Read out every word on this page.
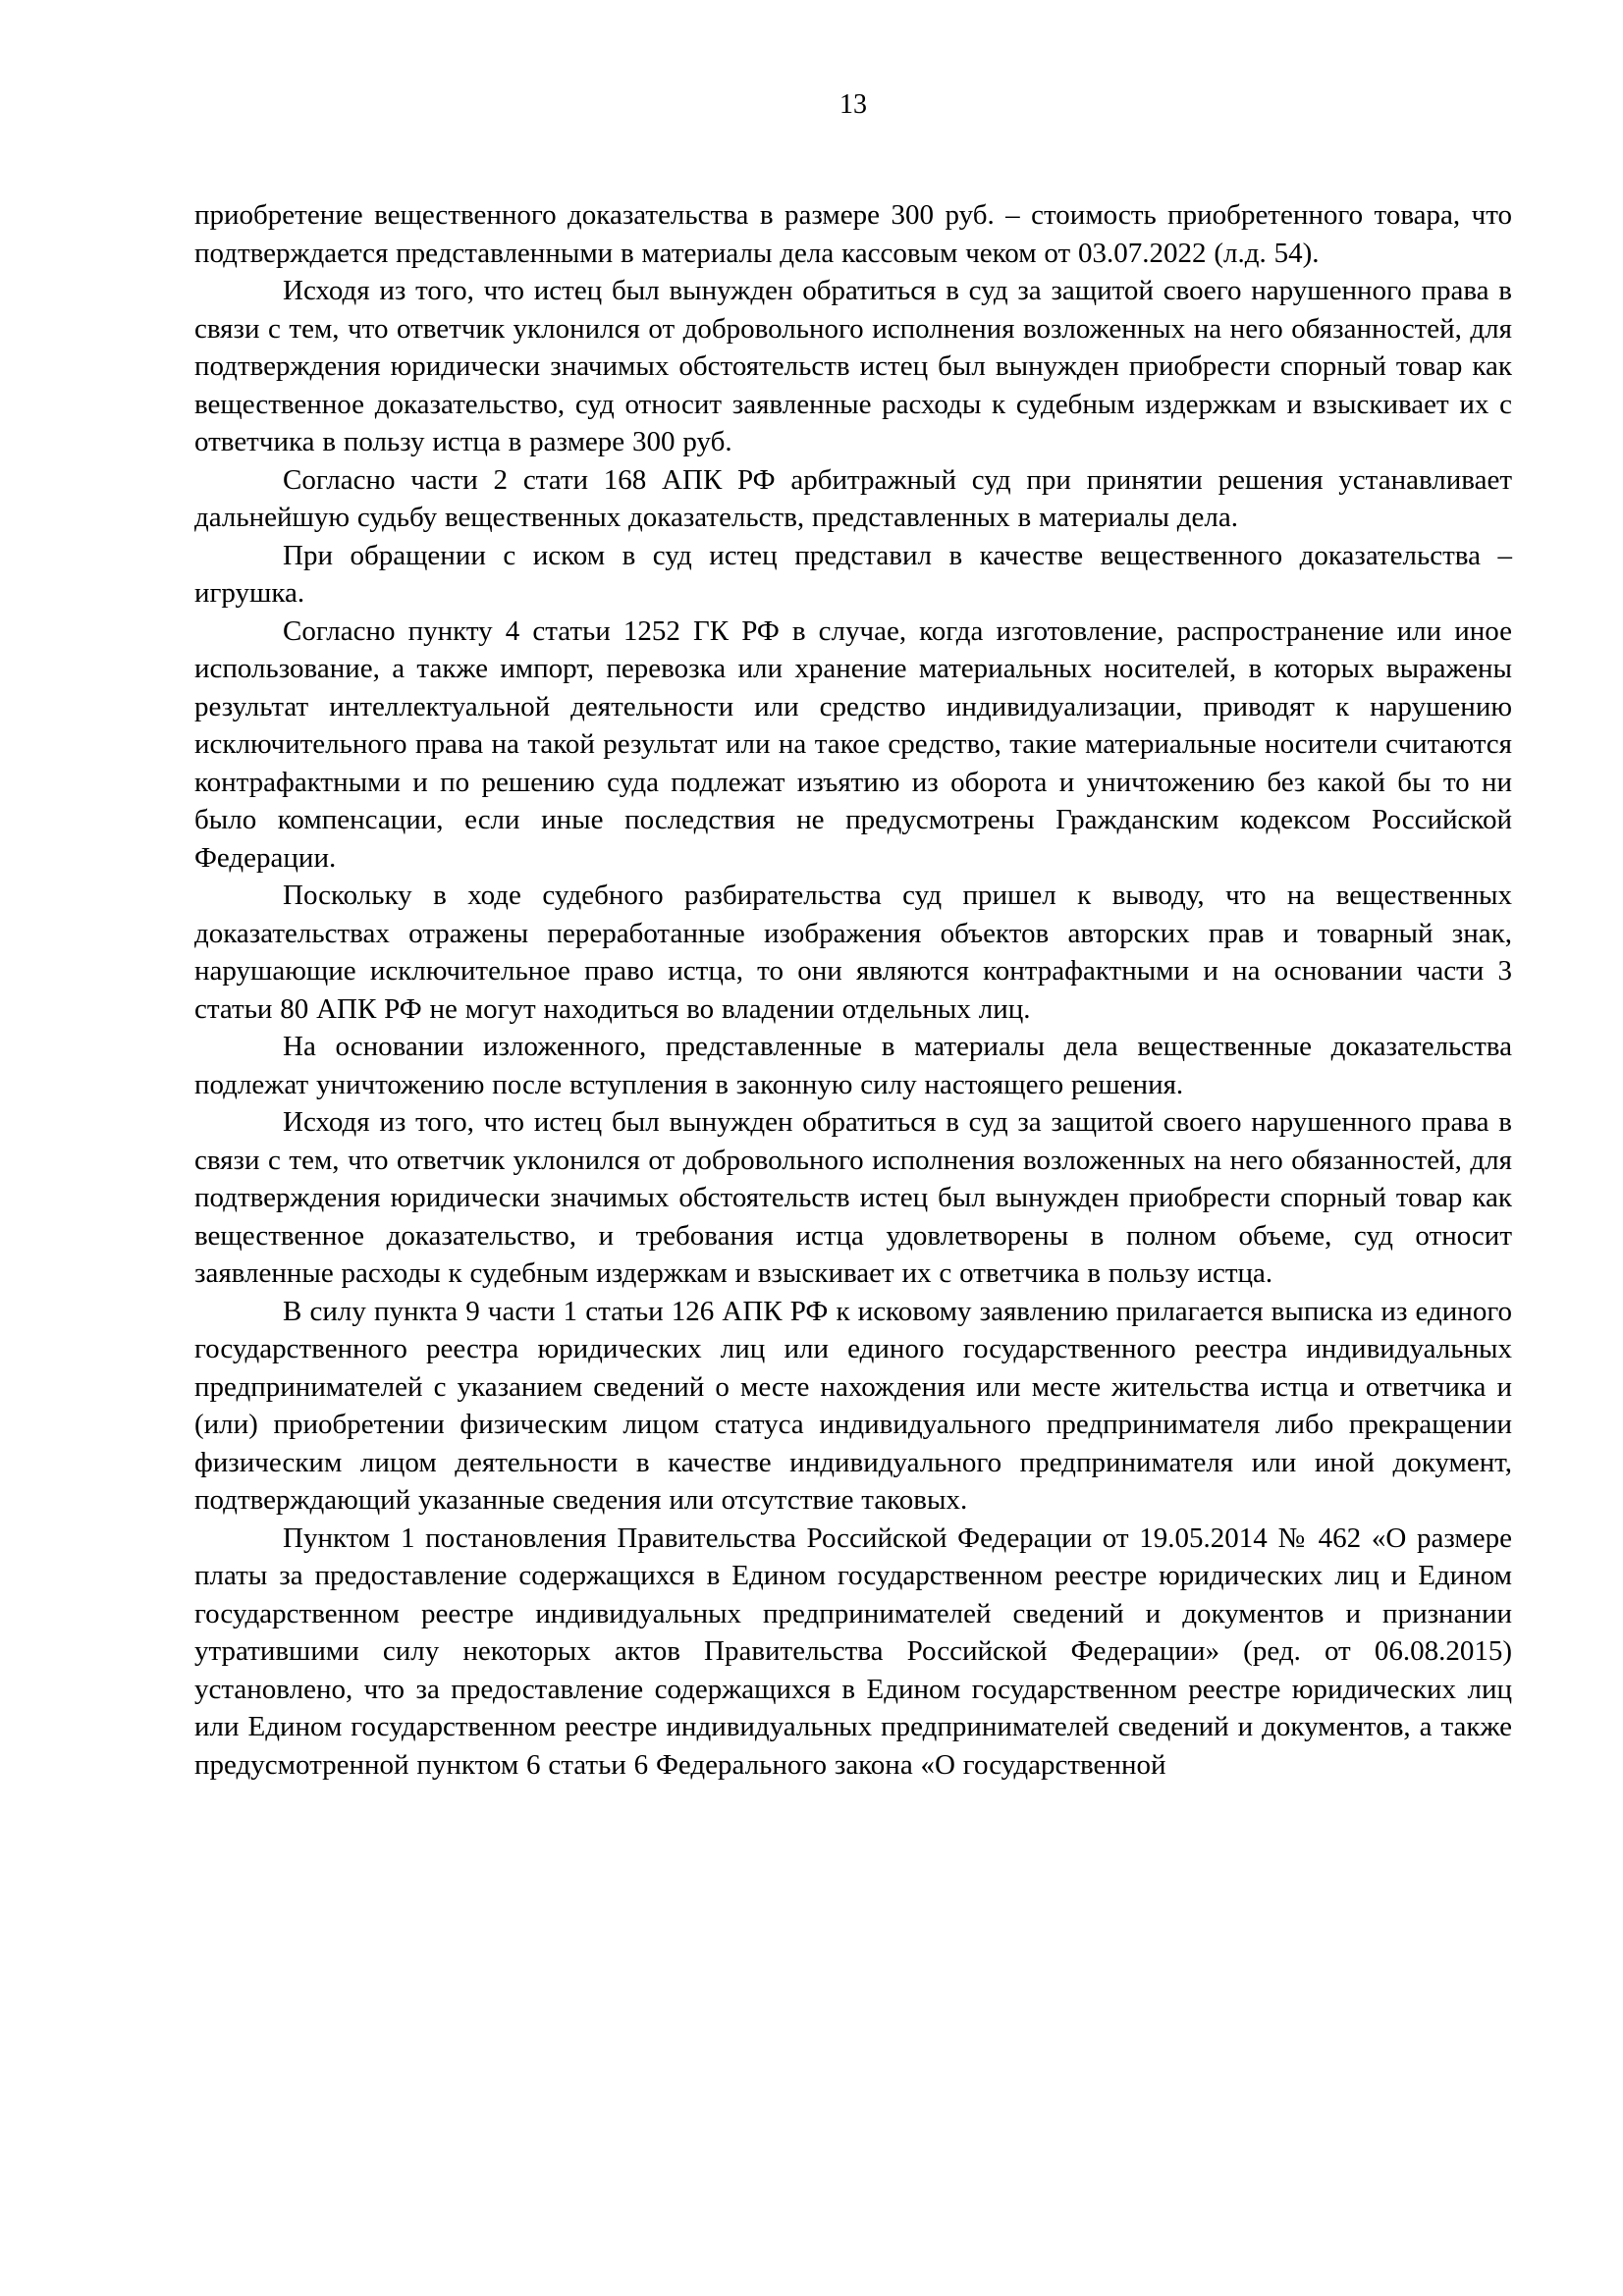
13

приобретение вещественного доказательства в размере 300 руб. – стоимость приобретенного товара, что подтверждается представленными в материалы дела кассовым чеком от 03.07.2022 (л.д. 54).

Исходя из того, что истец был вынужден обратиться в суд за защитой своего нарушенного права в связи с тем, что ответчик уклонился от добровольного исполнения возложенных на него обязанностей, для подтверждения юридически значимых обстоятельств истец был вынужден приобрести спорный товар как вещественное доказательство, суд относит заявленные расходы к судебным издержкам и взыскивает их с ответчика в пользу истца в размере 300 руб.

Согласно части 2 стати 168 АПК РФ арбитражный суд при принятии решения устанавливает дальнейшую судьбу вещественных доказательств, представленных в материалы дела.

При обращении с иском в суд истец представил в качестве вещественного доказательства – игрушка.

Согласно пункту 4 статьи 1252 ГК РФ в случае, когда изготовление, распространение или иное использование, а также импорт, перевозка или хранение материальных носителей, в которых выражены результат интеллектуальной деятельности или средство индивидуализации, приводят к нарушению исключительного права на такой результат или на такое средство, такие материальные носители считаются контрафактными и по решению суда подлежат изъятию из оборота и уничтожению без какой бы то ни было компенсации, если иные последствия не предусмотрены Гражданским кодексом Российской Федерации.

Поскольку в ходе судебного разбирательства суд пришел к выводу, что на вещественных доказательствах отражены переработанные изображения объектов авторских прав и товарный знак, нарушающие исключительное право истца, то они являются контрафактными и на основании части 3 статьи 80 АПК РФ не могут находиться во владении отдельных лиц.

На основании изложенного, представленные в материалы дела вещественные доказательства подлежат уничтожению после вступления в законную силу настоящего решения.

Исходя из того, что истец был вынужден обратиться в суд за защитой своего нарушенного права в связи с тем, что ответчик уклонился от добровольного исполнения возложенных на него обязанностей, для подтверждения юридически значимых обстоятельств истец был вынужден приобрести спорный товар как вещественное доказательство, и требования истца удовлетворены в полном объеме, суд относит заявленные расходы к судебным издержкам и взыскивает их с ответчика в пользу истца.

В силу пункта 9 части 1 статьи 126 АПК РФ к исковому заявлению прилагается выписка из единого государственного реестра юридических лиц или единого государственного реестра индивидуальных предпринимателей с указанием сведений о месте нахождения или месте жительства истца и ответчика и (или) приобретении физическим лицом статуса индивидуального предпринимателя либо прекращении физическим лицом деятельности в качестве индивидуального предпринимателя или иной документ, подтверждающий указанные сведения или отсутствие таковых.

Пунктом 1 постановления Правительства Российской Федерации от 19.05.2014 № 462 «О размере платы за предоставление содержащихся в Едином государственном реестре юридических лиц и Едином государственном реестре индивидуальных предпринимателей сведений и документов и признании утратившими силу некоторых актов Правительства Российской Федерации» (ред. от 06.08.2015) установлено, что за предоставление содержащихся в Едином государственном реестре юридических лиц или Едином государственном реестре индивидуальных предпринимателей сведений и документов, а также предусмотренной пунктом 6 статьи 6 Федерального закона «О государственной
